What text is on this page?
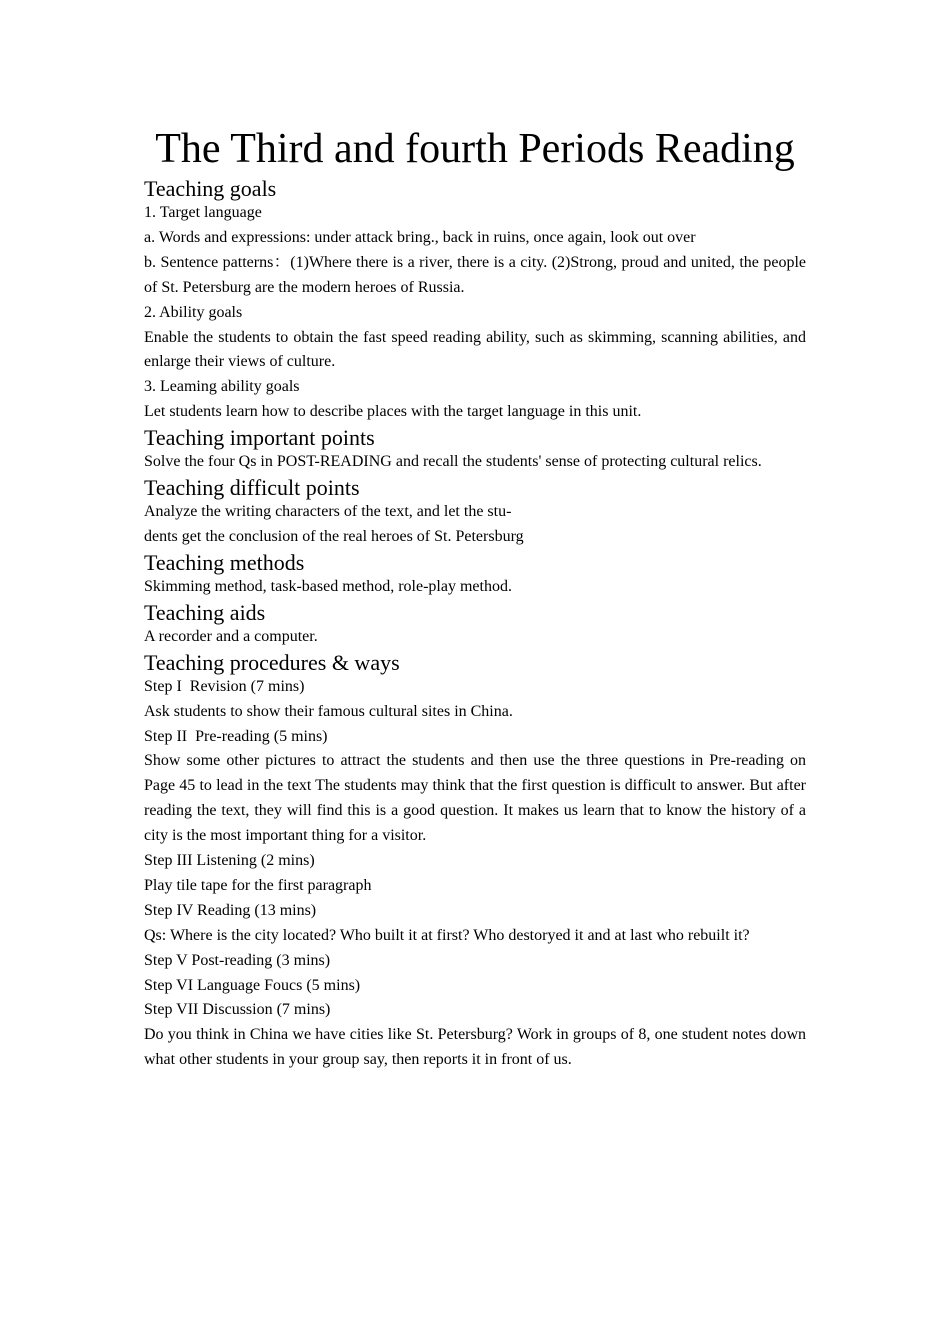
The Third and fourth Periods Reading
Teaching goals

1. Target language

a. Words and expressions: under attack bring., back in ruins, once again, look out over

b. Sentence patterns：(1)Where there is a river, there is a city. (2)Strong, proud and united, the people of St. Petersburg are the modern heroes of Russia.

2. Ability goals

Enable the students to obtain the fast speed reading ability, such as skimming, scanning abilities, and enlarge their views of culture.

3. Leaming ability goals

Let students learn how to describe places with the target language in this unit.

Teaching important points

Solve the four Qs in POST-READING and recall the students' sense of protecting cultural relics.

Teaching difficult points

Analyze the writing characters of the text, and let the stu-

dents get the conclusion of the real heroes of St. Petersburg

Teaching methods

Skimming method, task-based method, role-play method.

Teaching aids

A recorder and a computer.

Teaching procedures & ways

Step I  Revision (7 mins)

Ask students to show their famous cultural sites in China.

Step II  Pre-reading (5 mins)

Show some other pictures to attract the students and then use the three questions in Pre-reading on Page 45 to lead in the text The students may think that the first question is difficult to answer. But after reading the text, they will find this is a good question. It makes us learn that to know the history of a city is the most important thing for a visitor.

Step III Listening (2 mins)

Play tile tape for the first paragraph

Step IV Reading (13 mins)

Qs: Where is the city located? Who built it at first? Who destoryed it and at last who rebuilt it?

Step V Post-reading (3 mins)

Step VI Language Foucs (5 mins)

Step VII Discussion (7 mins)

Do you think in China we have cities like St. Petersburg? Work in groups of 8, one student notes down what other students in your group say, then reports it in front of us.
